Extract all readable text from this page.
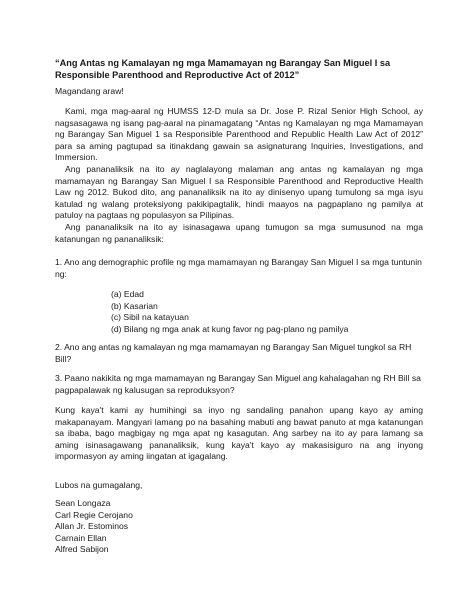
“Ang Antas ng Kamalayan ng mga Mamamayan ng Barangay San Miguel I sa Responsible Parenthood and Reproductive Act of 2012”
Magandang araw!
Kami, mga mag-aaral ng HUMSS 12-D mula sa Dr. Jose P. Rizal Senior High School, ay nagsasagawa ng isang pag-aaral na pinamagatang “Antas ng Kamalayan ng mga Mamamayan ng Barangay San Miguel 1 sa Responsible Parenthood and Republic Health Law Act of 2012” para sa aming pagtupad sa itinakdang gawain sa asignaturang Inquiries, Investigations, and Immersion.
Ang pananaliksik na ito ay naglalayong malaman ang antas ng kamalayan ng mga mamamayan ng Barangay San Miguel I sa Responsible Parenthood and Reproductive Health Law ng 2012. Bukod dito, ang pananaliksik na ito ay dinisenyo upang tumulong sa mga isyu katulad ng walang proteksiyong pakikipagtalik, hindi maayos na pagpaplano ng pamilya at patuloy na pagtaas ng populasyon sa Pilipinas.
Ang pananaliksik na ito ay isinasagawa upang tumugon sa mga sumusunod na mga katanungan ng pananaliksik:
1. Ano ang demographic profile ng mga mamamayan ng Barangay San Miguel I sa mga tuntunin ng:
(a) Edad
(b) Kasarian
(c) Sibil na katayuan
(d) Bilang ng mga anak at kung favor ng pag-plano ng pamilya
2. Ano ang antas ng kamalayan ng mga mamamayan ng Barangay San Miguel tungkol sa RH Bill?
3. Paano nakikita ng mga mamamayan ng Barangay San Miguel ang kahalagahan ng RH Bill sa pagpapalawak ng kalusugan sa reproduksyon?
Kung kaya't kami ay humihingi sa inyo ng sandaling panahon upang kayo ay aming makapanayam. Mangyari lamang po na basahing mabuti ang bawat panuto at mga katanungan sa ibaba, bago magbigay ng mga apat ng kasagutan. Ang sarbey na ito ay para lamang sa aming isinasagawang pananaliksik, kung kaya't kayo ay makasisiguro na ang inyong impormasyon ay aming iingatan at igagalang.
Lubos na gumagalang,
Sean Longaza
Carl Regie Cerojano
Allan Jr. Estominos
Carnain Ellan
Alfred Sabijon
